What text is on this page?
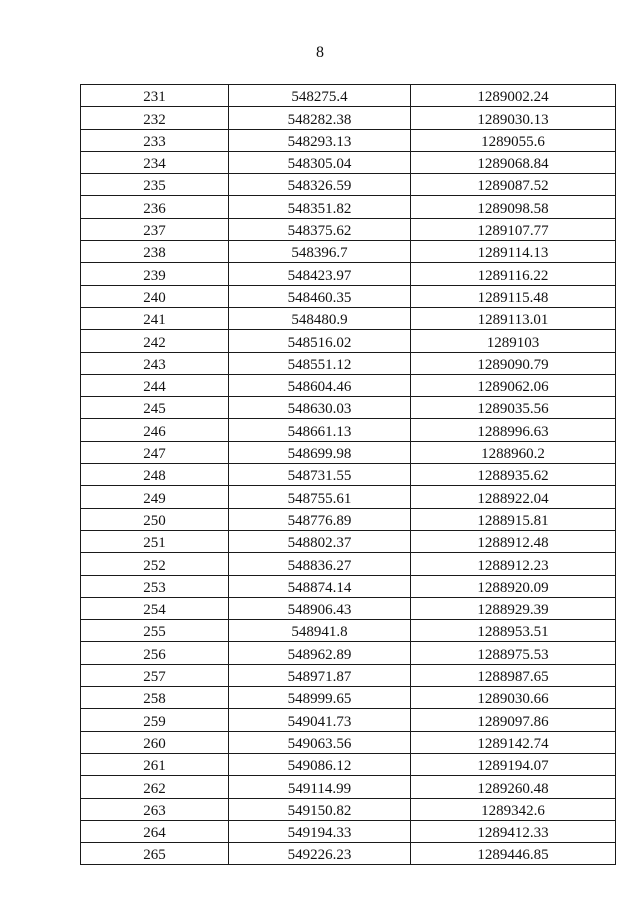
8
231	548275.4	1289002.24
232	548282.38	1289030.13
233	548293.13	1289055.6
234	548305.04	1289068.84
235	548326.59	1289087.52
236	548351.82	1289098.58
237	548375.62	1289107.77
238	548396.7	1289114.13
239	548423.97	1289116.22
240	548460.35	1289115.48
241	548480.9	1289113.01
242	548516.02	1289103
243	548551.12	1289090.79
244	548604.46	1289062.06
245	548630.03	1289035.56
246	548661.13	1288996.63
247	548699.98	1288960.2
248	548731.55	1288935.62
249	548755.61	1288922.04
250	548776.89	1288915.81
251	548802.37	1288912.48
252	548836.27	1288912.23
253	548874.14	1288920.09
254	548906.43	1288929.39
255	548941.8	1288953.51
256	548962.89	1288975.53
257	548971.87	1288987.65
258	548999.65	1289030.66
259	549041.73	1289097.86
260	549063.56	1289142.74
261	549086.12	1289194.07
262	549114.99	1289260.48
263	549150.82	1289342.6
264	549194.33	1289412.33
265	549226.23	1289446.85
